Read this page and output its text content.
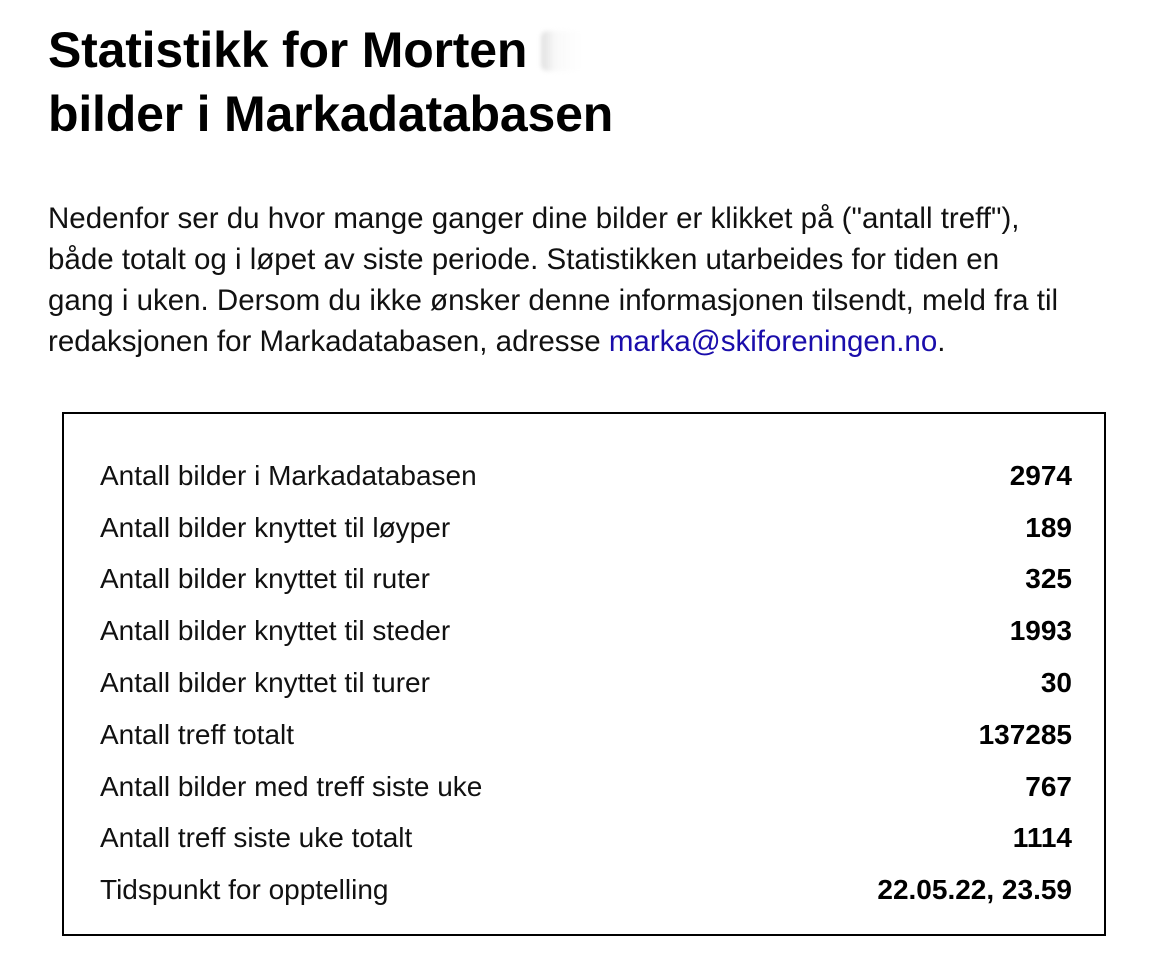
Statistikk for Morten
bilder i Markadatabasen

Nedenfor ser du hvor mange ganger dine bilder er klikket på ("antall treff"), både totalt og i løpet av siste periode. Statistikken utarbeides for tiden en gang i uken. Dersom du ikke ønsker denne informasjonen tilsendt, meld fra til redaksjonen for Markadatabasen, adresse marka@skiforeningen.no.

Antall bilder i Markadatabasen	2974
Antall bilder knyttet til løyper	189
Antall bilder knyttet til ruter	325
Antall bilder knyttet til steder	1993
Antall bilder knyttet til turer	30
Antall treff totalt	137285
Antall bilder med treff siste uke	767
Antall treff siste uke totalt	1114
Tidspunkt for opptelling	22.05.22, 23.59
